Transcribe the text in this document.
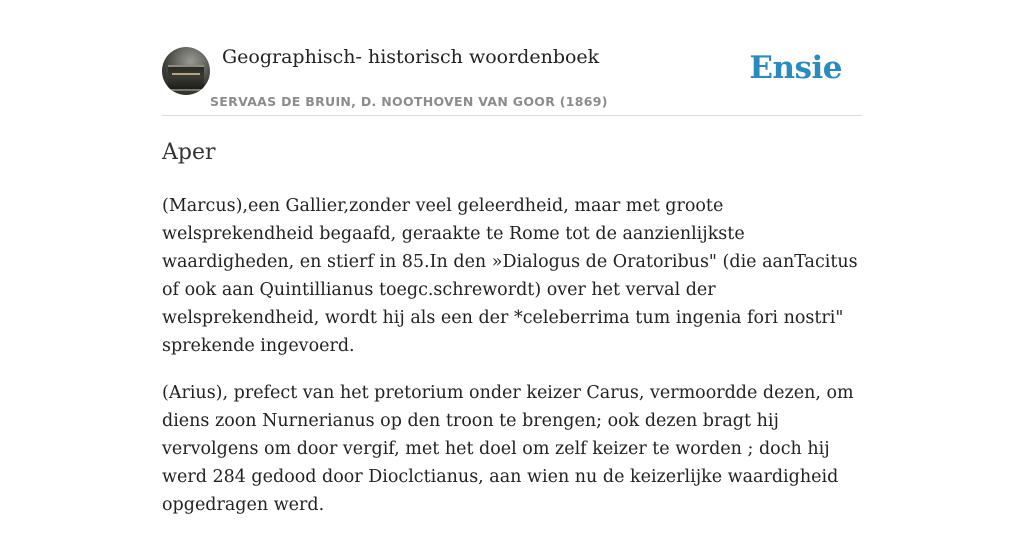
Geographisch- historisch woordenboek
SERVAAS DE BRUIN, D. NOOTHOVEN VAN GOOR (1869)
Ensie
Aper

(Marcus),een Gallier,zonder veel geleerdheid, maar met groote welsprekendheid begaafd, geraakte te Rome tot de aanzienlijkste waardigheden, en stierf in 85.In den »Dialogus de Oratoribus" (die aanTacitus of ook aan Quintillianus toegc.schrewordt) over het verval der welsprekendheid, wordt hij als een der *celeberrima tum ingenia fori nostri" sprekende ingevoerd.

(Arius), prefect van het pretorium onder keizer Carus, vermoordde dezen, om diens zoon Nurnerianus op den troon te brengen; ook dezen bragt hij vervolgens om door vergif, met het doel om zelf keizer te worden ; doch hij werd 284 gedood door Dioclctianus, aan wien nu de keizerlijke waardigheid opgedragen werd.
